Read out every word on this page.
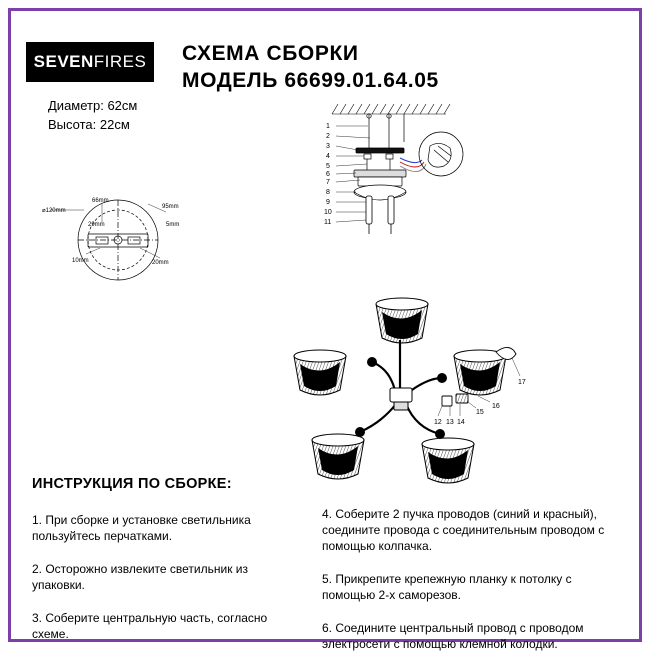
SEVENFIRES СХЕМА СБОРКИ
МОДЕЛЬ 66699.01.64.05
Диаметр: 62см
Высота: 22см	1
2
3
4
5
6
7
8
9
10
11
⌀120mm
66mm
95mm
29mm	5mm
10mm	20mm
12 13 14
15
16
17
ИНСТРУКЦИЯ ПО СБОРКЕ:
1. При сборке и установке светильника пользуйтесь перчатками.
2. Осторожно извлеките светильник из упаковки.
3. Соберите центральную часть, согласно схеме.
4. Соберите 2 пучка проводов (синий и красный), соедините провода с соединительным проводом с помощью колпачка.
5. Прикрепите крепежную планку к потолку с помощью 2-х саморезов.
6. Соедините центральный провод с проводом электросети с помощью клемной колодки.
